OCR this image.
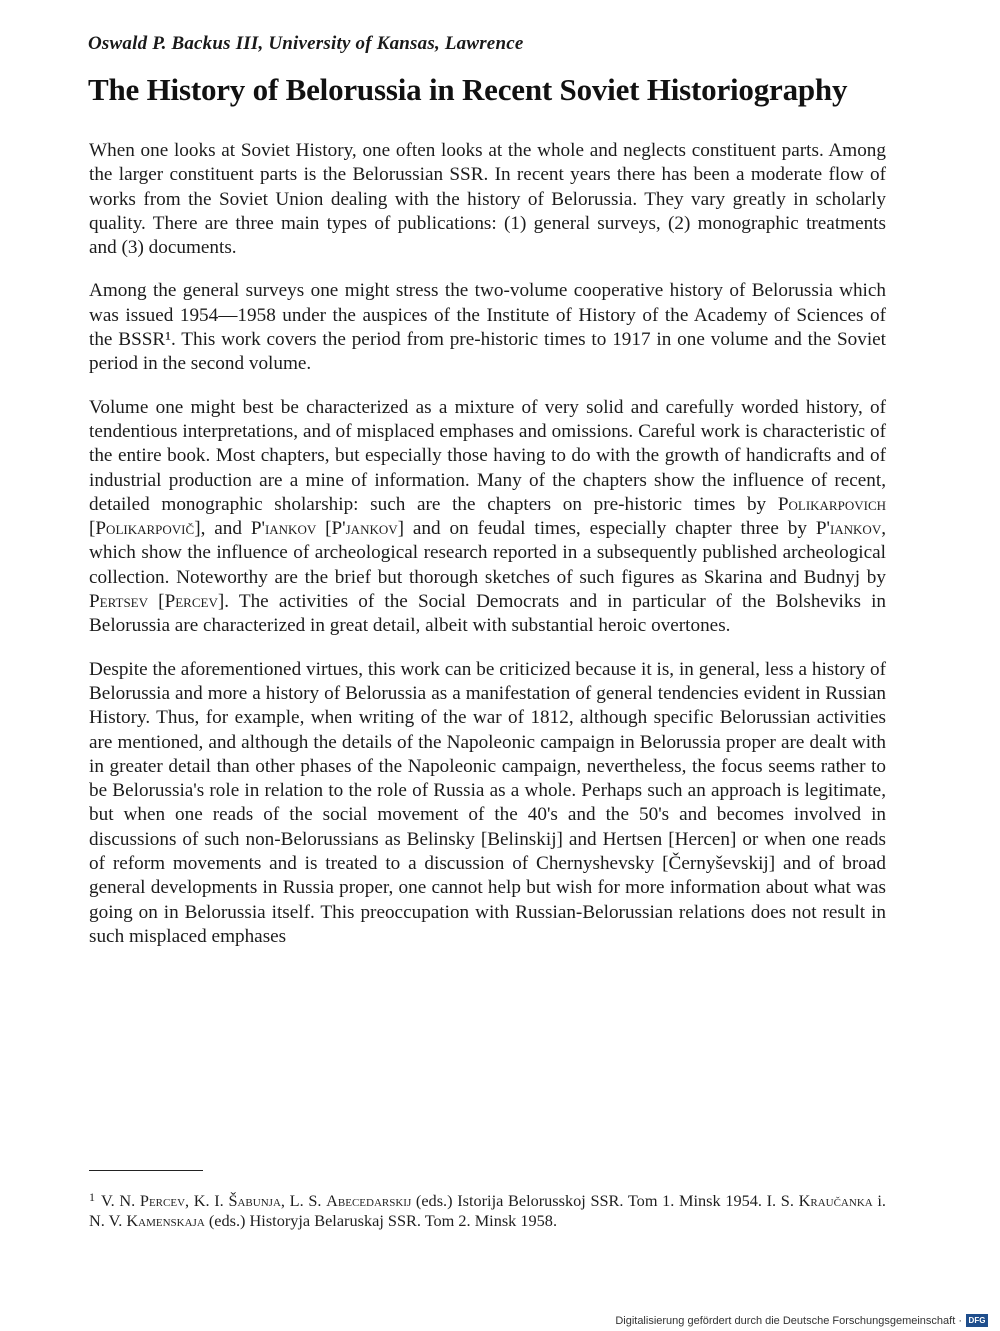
Oswald P. Backus III, University of Kansas, Lawrence
The History of Belorussia in Recent Soviet Historiography

When one looks at Soviet History, one often looks at the whole and neglects constituent parts. Among the larger constituent parts is the Belorussian SSR. In recent years there has been a moderate flow of works from the Soviet Union dealing with the history of Belorussia. They vary greatly in scholarly quality. There are three main types of publications: (1) general surveys, (2) monographic treatments and (3) documents.

Among the general surveys one might stress the two-volume cooperative history of Belorussia which was issued 1954—1958 under the auspices of the Institute of History of the Academy of Sciences of the BSSR¹. This work covers the period from pre-historic times to 1917 in one volume and the Soviet period in the second volume.

Volume one might best be characterized as a mixture of very solid and carefully worded history, of tendentious interpretations, and of misplaced emphases and omissions. Careful work is characteristic of the entire book. Most chapters, but especially those having to do with the growth of handicrafts and of industrial production are a mine of information. Many of the chapters show the influence of recent, detailed monographic sholarship: such are the chapters on pre-historic times by Polikarpovich [Polikarpovič], and P'iankov [P'jankov] and on feudal times, especially chapter three by P'iankov, which show the influence of archeological research reported in a subsequently published archeological collection. Noteworthy are the brief but thorough sketches of such figures as Skarina and Budnyj by Pertsev [Percev]. The activities of the Social Democrats and in particular of the Bolsheviks in Belorussia are characterized in great detail, albeit with substantial heroic overtones.

Despite the aforementioned virtues, this work can be criticized because it is, in general, less a history of Belorussia and more a history of Belorussia as a manifestation of general tendencies evident in Russian History. Thus, for example, when writing of the war of 1812, although specific Belorussian activities are mentioned, and although the details of the Napoleonic campaign in Belorussia proper are dealt with in greater detail than other phases of the Napoleonic campaign, nevertheless, the focus seems rather to be Belorussia's role in relation to the role of Russia as a whole. Perhaps such an approach is legitimate, but when one reads of the social movement of the 40's and the 50's and becomes involved in discussions of such non-Belorussians as Belinsky [Belinskij] and Hertsen [Hercen] or when one reads of reform movements and is treated to a discussion of Chernyshevsky [Černyševskij] and of broad general developments in Russia proper, one cannot help but wish for more information about what was going on in Belorussia itself. This preoccupation with Russian-Belorussian relations does not result in such misplaced emphases

$^1$ V. N. Percev, K. I. Šabunja, L. S. Abecedarskij (eds.) Istorija Belorusskoj SSR. Tom 1. Minsk 1954. I. S. Kraučanka i. N. V. Kamenskaja (eds.) Historyja Belaruskaj SSR. Tom 2. Minsk 1958.

Digitalisierung gefördert durch die Deutsche Forschungsgemeinschaft · DFG
